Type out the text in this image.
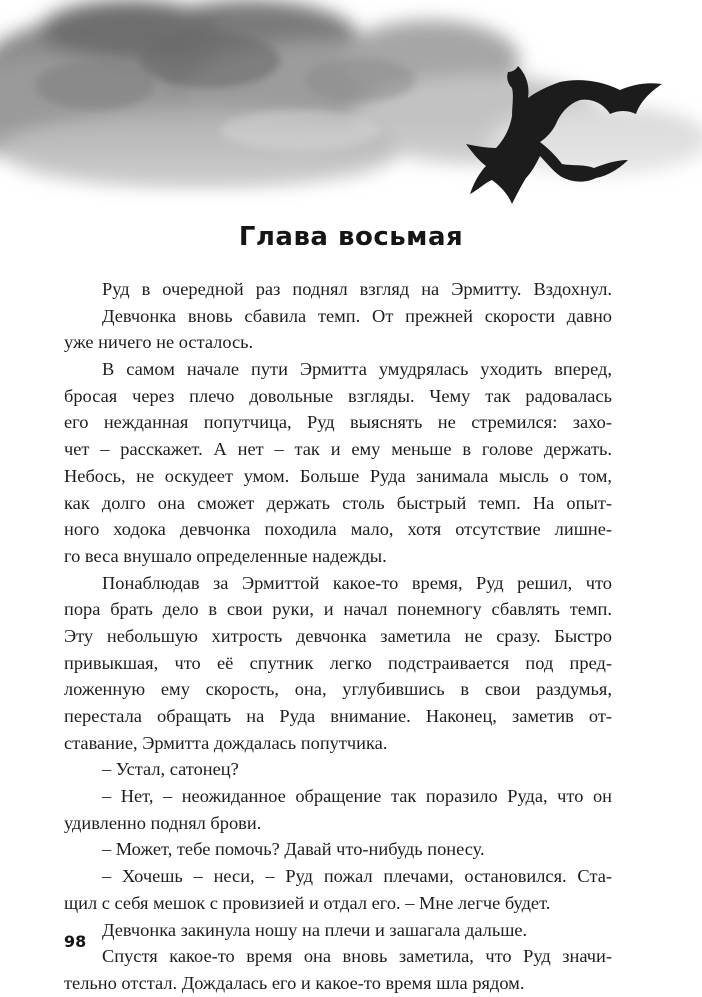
Глава восьмая
Руд в очередной раз поднял взгляд на Эрмитту. Вздохнул.
Девчонка вновь сбавила темп. От прежней скорости давно
уже ничего не осталось.
В самом начале пути Эрмитта умудрялась уходить вперед,
бросая через плечо довольные взгляды. Чему так радовалась
его нежданная попутчица, Руд выяснять не стремился: захо-
чет – расскажет. А нет – так и ему меньше в голове держать.
Небось, не оскудеет умом. Больше Руда занимала мысль о том,
как долго она сможет держать столь быстрый темп. На опыт-
ного ходока девчонка походила мало, хотя отсутствие лишне-
го веса внушало определенные надежды.
Понаблюдав за Эрмиттой какое-то время, Руд решил, что
пора брать дело в свои руки, и начал понемногу сбавлять темп.
Эту небольшую хитрость девчонка заметила не сразу. Быстро
привыкшая, что её спутник легко подстраивается под пред-
ложенную ему скорость, она, углубившись в свои раздумья,
перестала обращать на Руда внимание. Наконец, заметив от-
ставание, Эрмитта дождалась попутчика.
– Устал, сатонец?
– Нет, – неожиданное обращение так поразило Руда, что он
удивленно поднял брови.
– Может, тебе помочь? Давай что-нибудь понесу.
– Хочешь – неси, – Руд пожал плечами, остановился. Ста-
щил с себя мешок с провизией и отдал его. – Мне легче будет.
Девчонка закинула ношу на плечи и зашагала дальше.
Спустя какое-то время она вновь заметила, что Руд значи-
тельно отстал. Дождалась его и какое-то время шла рядом.
98
